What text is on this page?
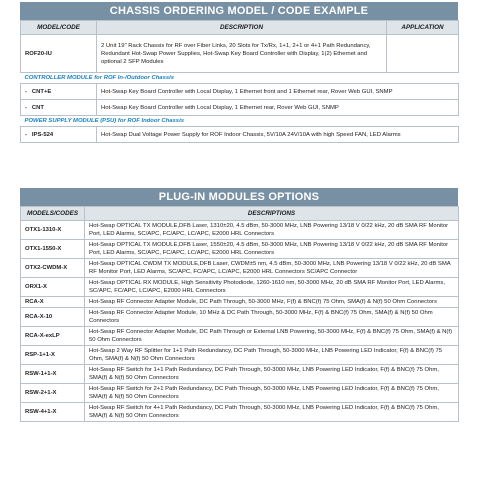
CHASSIS ORDERING MODEL / CODE EXAMPLE
MODEL/CODE	DESCRIPTION	APPLICATION
ROF20-IU	2 Unit 19" Rack Chassis for RF over Fiber Links, 20 Slots for Tx/Rx, 1+1, 2+1 or 4+1 Path Redundancy, Redundant Hot-Swap Power Supplies, Hot-Swap Key Board Controller with Display, 1(2) Ethernet and optional 2 SFP Modules	
CONTROLLER MODULE for ROF In-/Outdoor Chassis		
- CNT+E	Hot-Swap Key Board Controller with Local Display, 1 Ethernet front and 1 Ethernet rear, Rover Web GUI, SNMP	
- CNT	Hot-Swap Key Board Controller with Local Display, 1 Ethernet rear, Rover Web GUI, SNMP	
POWER SUPPLY MODULE (PSU) for ROF Indoor Chassis		
- IPS-524	Hot-Swap Dual Voltage Power Supply for ROF Indoor Chassis, 5V/10A 24V/10A with high Speed FAN, LED Alarms	
PLUG-IN MODULES OPTIONS
MODELS/CODES	DESCRIPTIONS
OTX1-1310-X	Hot-Swap OPTICAL TX MODULE,DFB Laser, 1310±20, 4.5 dBm, 50-3000 MHz, LNB Powering 13/18 V 0/22 kHz, 20 dB SMA RF Monitor Port, LED Alarms, SC/APC, FC/APC, LC/APC, E2000 HRL Connectors
OTX1-1550-X	Hot-Swap OPTICAL TX MODULE,DFB Laser, 1550±20, 4.5 dBm, 50-3000 MHz, LNB Powering 13/18 V 0/22 kHz, 20 dB SMA RF Monitor Port, LED Alarms, SC/APC, FC/APC, LC/APC, E2000 HRL Connectors
OTX2-CWDM-X	Hot-Swap OPTICAL CWDM TX MODULE,DFB Laser, CWDM±5 nm, 4.5 dBm, 50-3000 MHz, LNB Powering 13/18 V 0/22 kHz, 20 dB SMA RF Monitor Port, LED Alarms, SC/APC, FC/APC, LC/APC, E2000 HRL Connectors SC/APC Connector
ORX1-X	Hot-Swap OPTICAL RX MODULE, High Sensitivity Photodiode, 1260-1610 nm, 50-3000 MHz, 20 dB SMA RF Monitor Port, LED Alarms, SC/APC, FC/APC, LC/APC, E2000 HRL Connectors
RCA-X	Hot-Swap RF Connector Adapter Module, DC Path Through, 50-3000 MHz, F(f) & BNC(f) 75 Ohm, SMA(f) & N(f) 50 Ohm Connectors
RCA-X-10	Hot-Swap RF Connector Adapter Module, 10 MHz & DC Path Through, 50-3000 MHz, F(f) & BNC(f) 75 Ohm, SMA(f) & N(f) 50 Ohm Connectors
RCA-X-exLP	Hot-Swap RF Connector Adapter Module, DC Path Through or External LNB Powering, 50-3000 MHz, F(f) & BNC(f) 75 Ohm, SMA(f) & N(f) 50 Ohm Connectors
RSP-1+1-X	Hot-Swap 2 Way RF Splitter for 1+1 Path Redundancy, DC Path Through, 50-3000 MHz, LNB Powering LED Indicator, F(f) & BNC(f) 75 Ohm, SMA(f) & N(f) 50 Ohm Connectors
RSW-1+1-X	Hot-Swap RF Switch for 1+1 Path Redundancy, DC Path Through, 50-3000 MHz, LNB Powering LED Indicator, F(f) & BNC(f) 75 Ohm, SMA(f) & N(f) 50 Ohm Connectors
RSW-2+1-X	Hot-Swap RF Switch for 2+1 Path Redundancy, DC Path Through, 50-3000 MHz, LNB Powering LED Indicator, F(f) & BNC(f) 75 Ohm, SMA(f) & N(f) 50 Ohm Connectors
RSW-4+1-X	Hot-Swap RF Switch for 4+1 Path Redundancy, DC Path Through, 50-3000 MHz, LNB Powering LED Indicator, F(f) & BNC(f) 75 Ohm, SMA(f) & N(f) 50 Ohm Connectors
